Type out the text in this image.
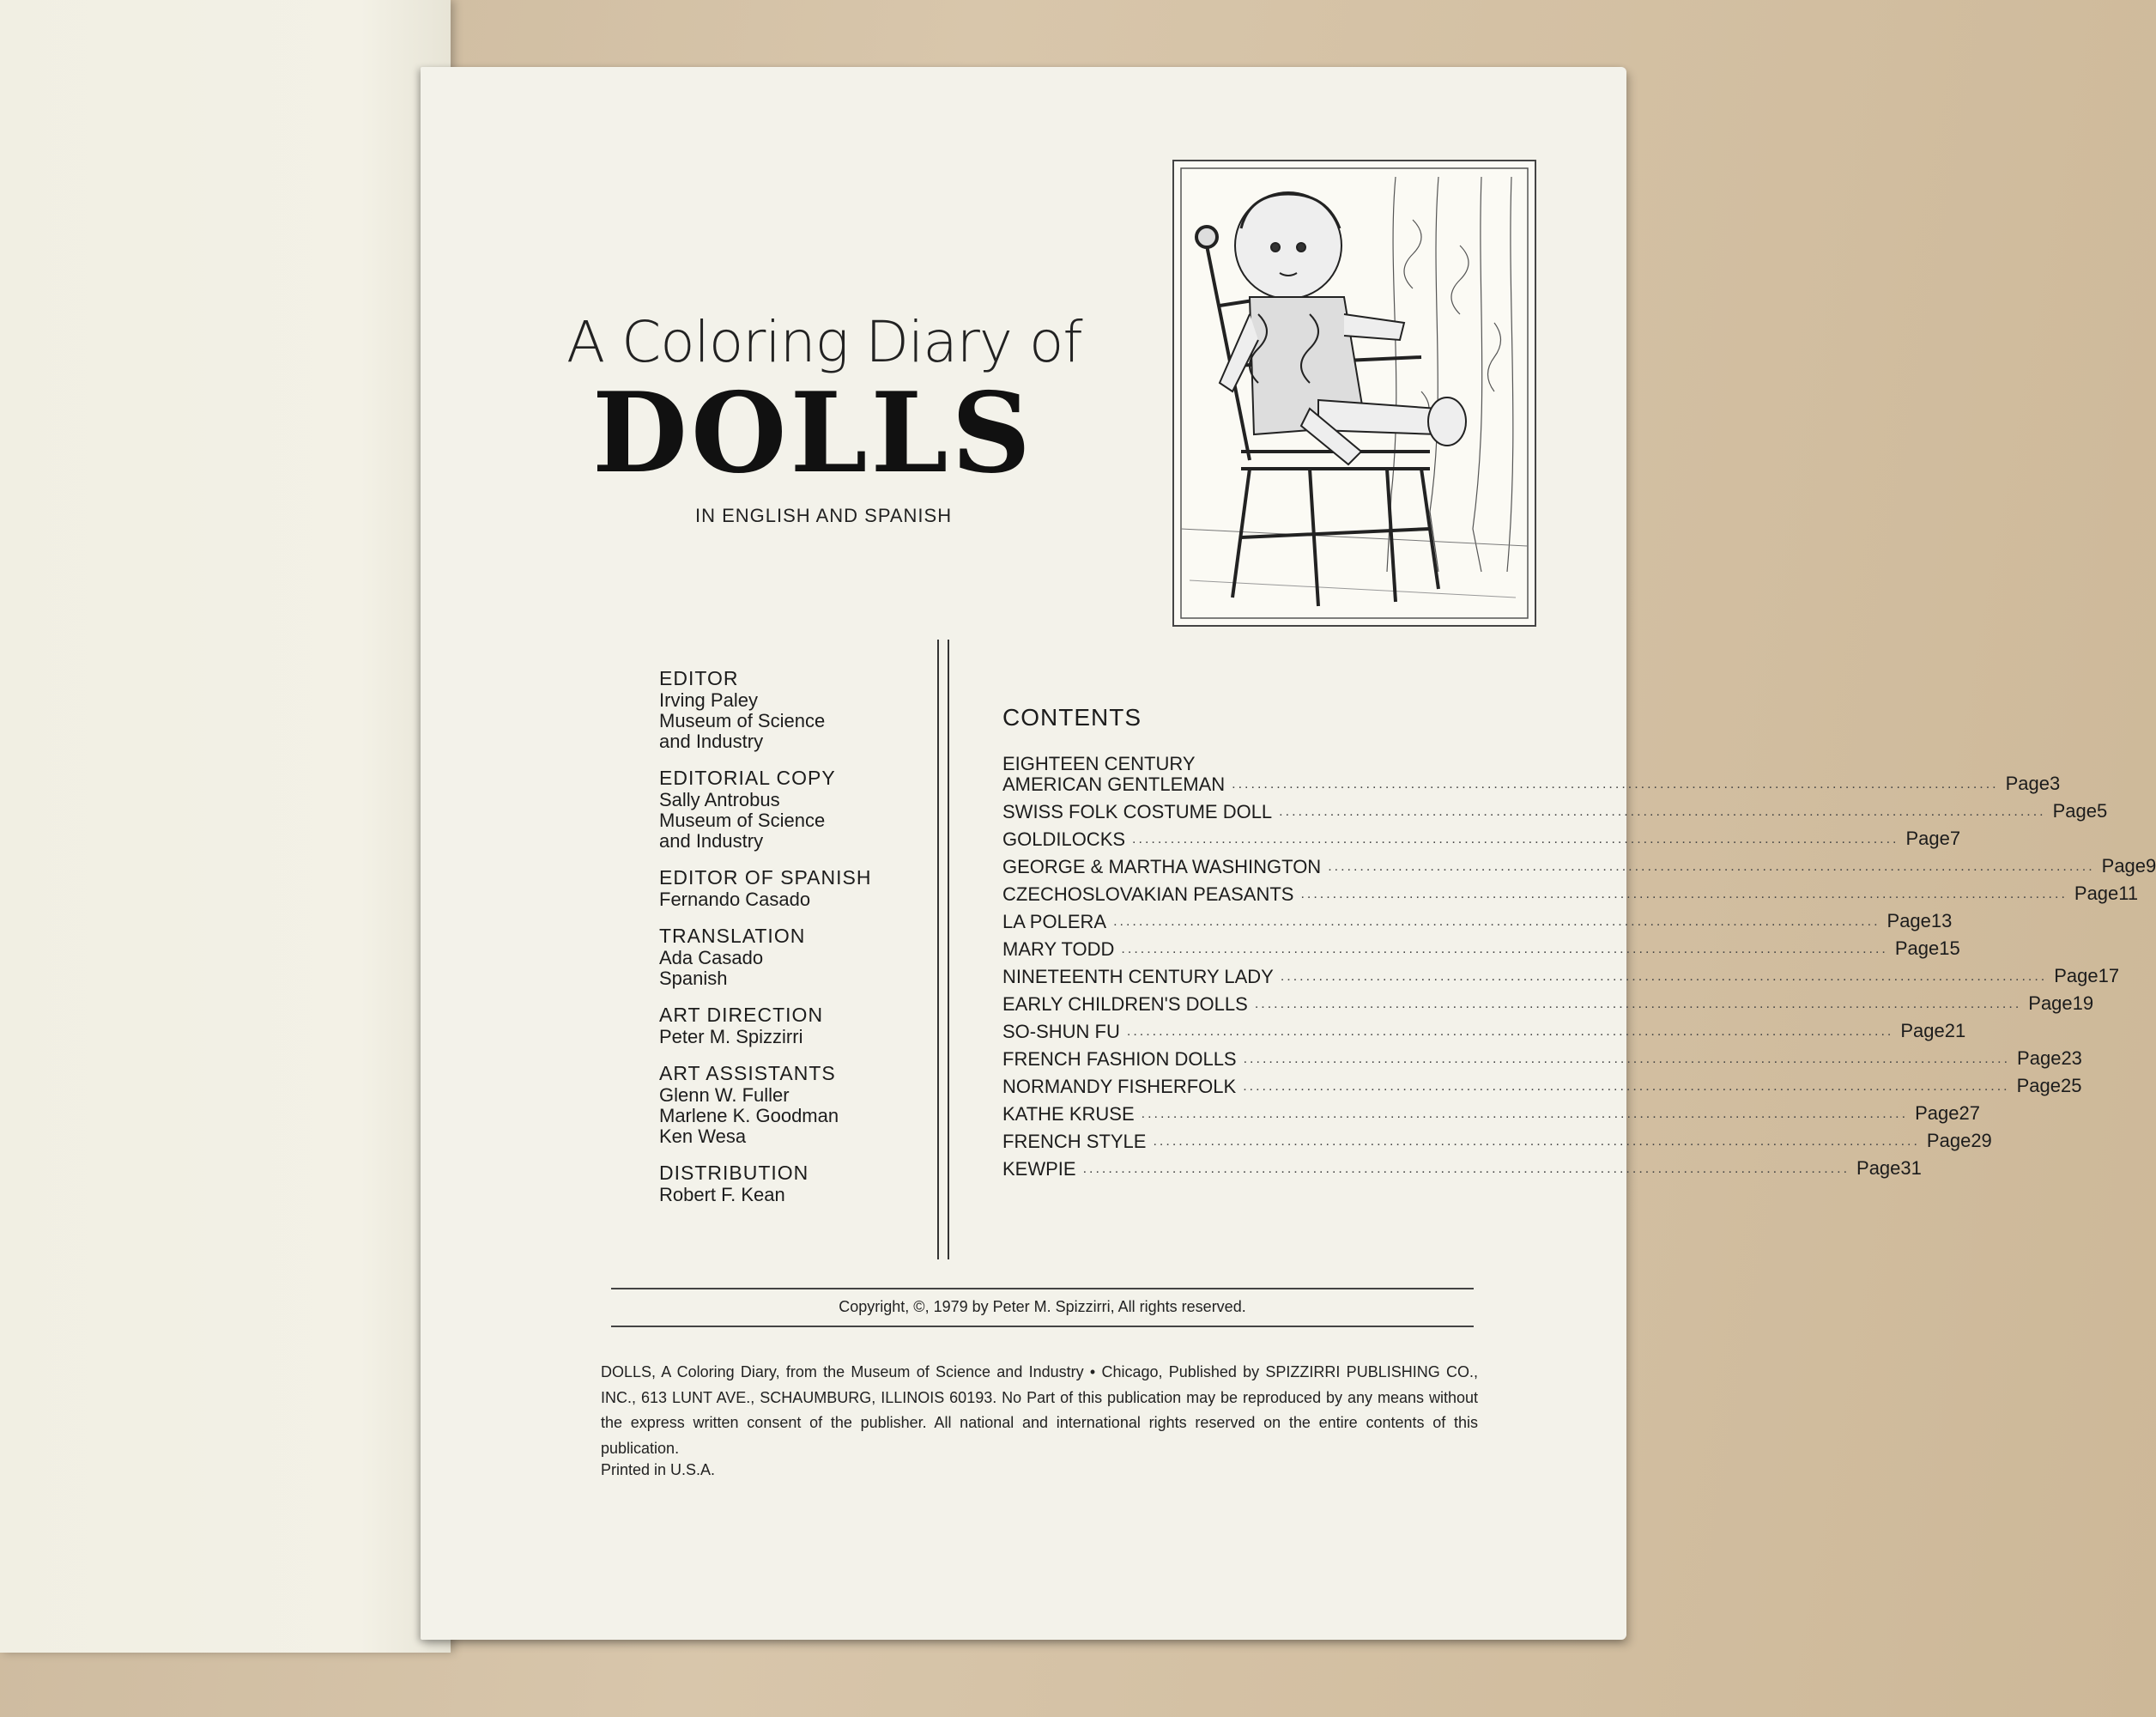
A Coloring Diary of
DOLLS
IN ENGLISH AND SPANISH
EDITOR
Irving Paley
Museum of Science
and Industry
EDITORIAL COPY
Sally Antrobus
Museum of Science
and Industry
EDITOR OF SPANISH
Fernando Casado
TRANSLATION
Ada Casado
Spanish
ART DIRECTION
Peter M. Spizzirri
ART ASSISTANTS
Glenn W. Fuller
Marlene K. Goodman
Ken Wesa
DISTRIBUTION
Robert F. Kean
CONTENTS
EIGHTEEN CENTURY
AMERICAN GENTLEMAN ........................................................................................................................ Page 3
SWISS FOLK COSTUME DOLL ........................................................................................................................ Page 5
GOLDILOCKS ........................................................................................................................ Page 7
GEORGE & MARTHA WASHINGTON ........................................................................................................................ Page 9
CZECHOSLOVAKIAN PEASANTS ........................................................................................................................ Page 11
LA POLERA ........................................................................................................................ Page 13
MARY TODD ........................................................................................................................ Page 15
NINETEENTH CENTURY LADY ........................................................................................................................ Page 17
EARLY CHILDREN'S DOLLS ........................................................................................................................ Page 19
SO-SHUN FU ........................................................................................................................ Page 21
FRENCH FASHION DOLLS ........................................................................................................................ Page 23
NORMANDY FISHERFOLK ........................................................................................................................ Page 25
KATHE KRUSE ........................................................................................................................ Page 27
FRENCH STYLE ........................................................................................................................ Page 29
KEWPIE ........................................................................................................................ Page 31
Copyright, ©, 1979 by Peter M. Spizzirri, All rights reserved.
DOLLS, A Coloring Diary, from the Museum of Science and Industry • Chicago, Published by SPIZZIRRI PUBLISHING CO., INC., 613 LUNT AVE., SCHAUMBURG, ILLINOIS 60193. No Part of this publication may be reproduced by any means without the express written consent of the publisher. All national and international rights reserved on the entire contents of this publication.
Printed in U.S.A.
